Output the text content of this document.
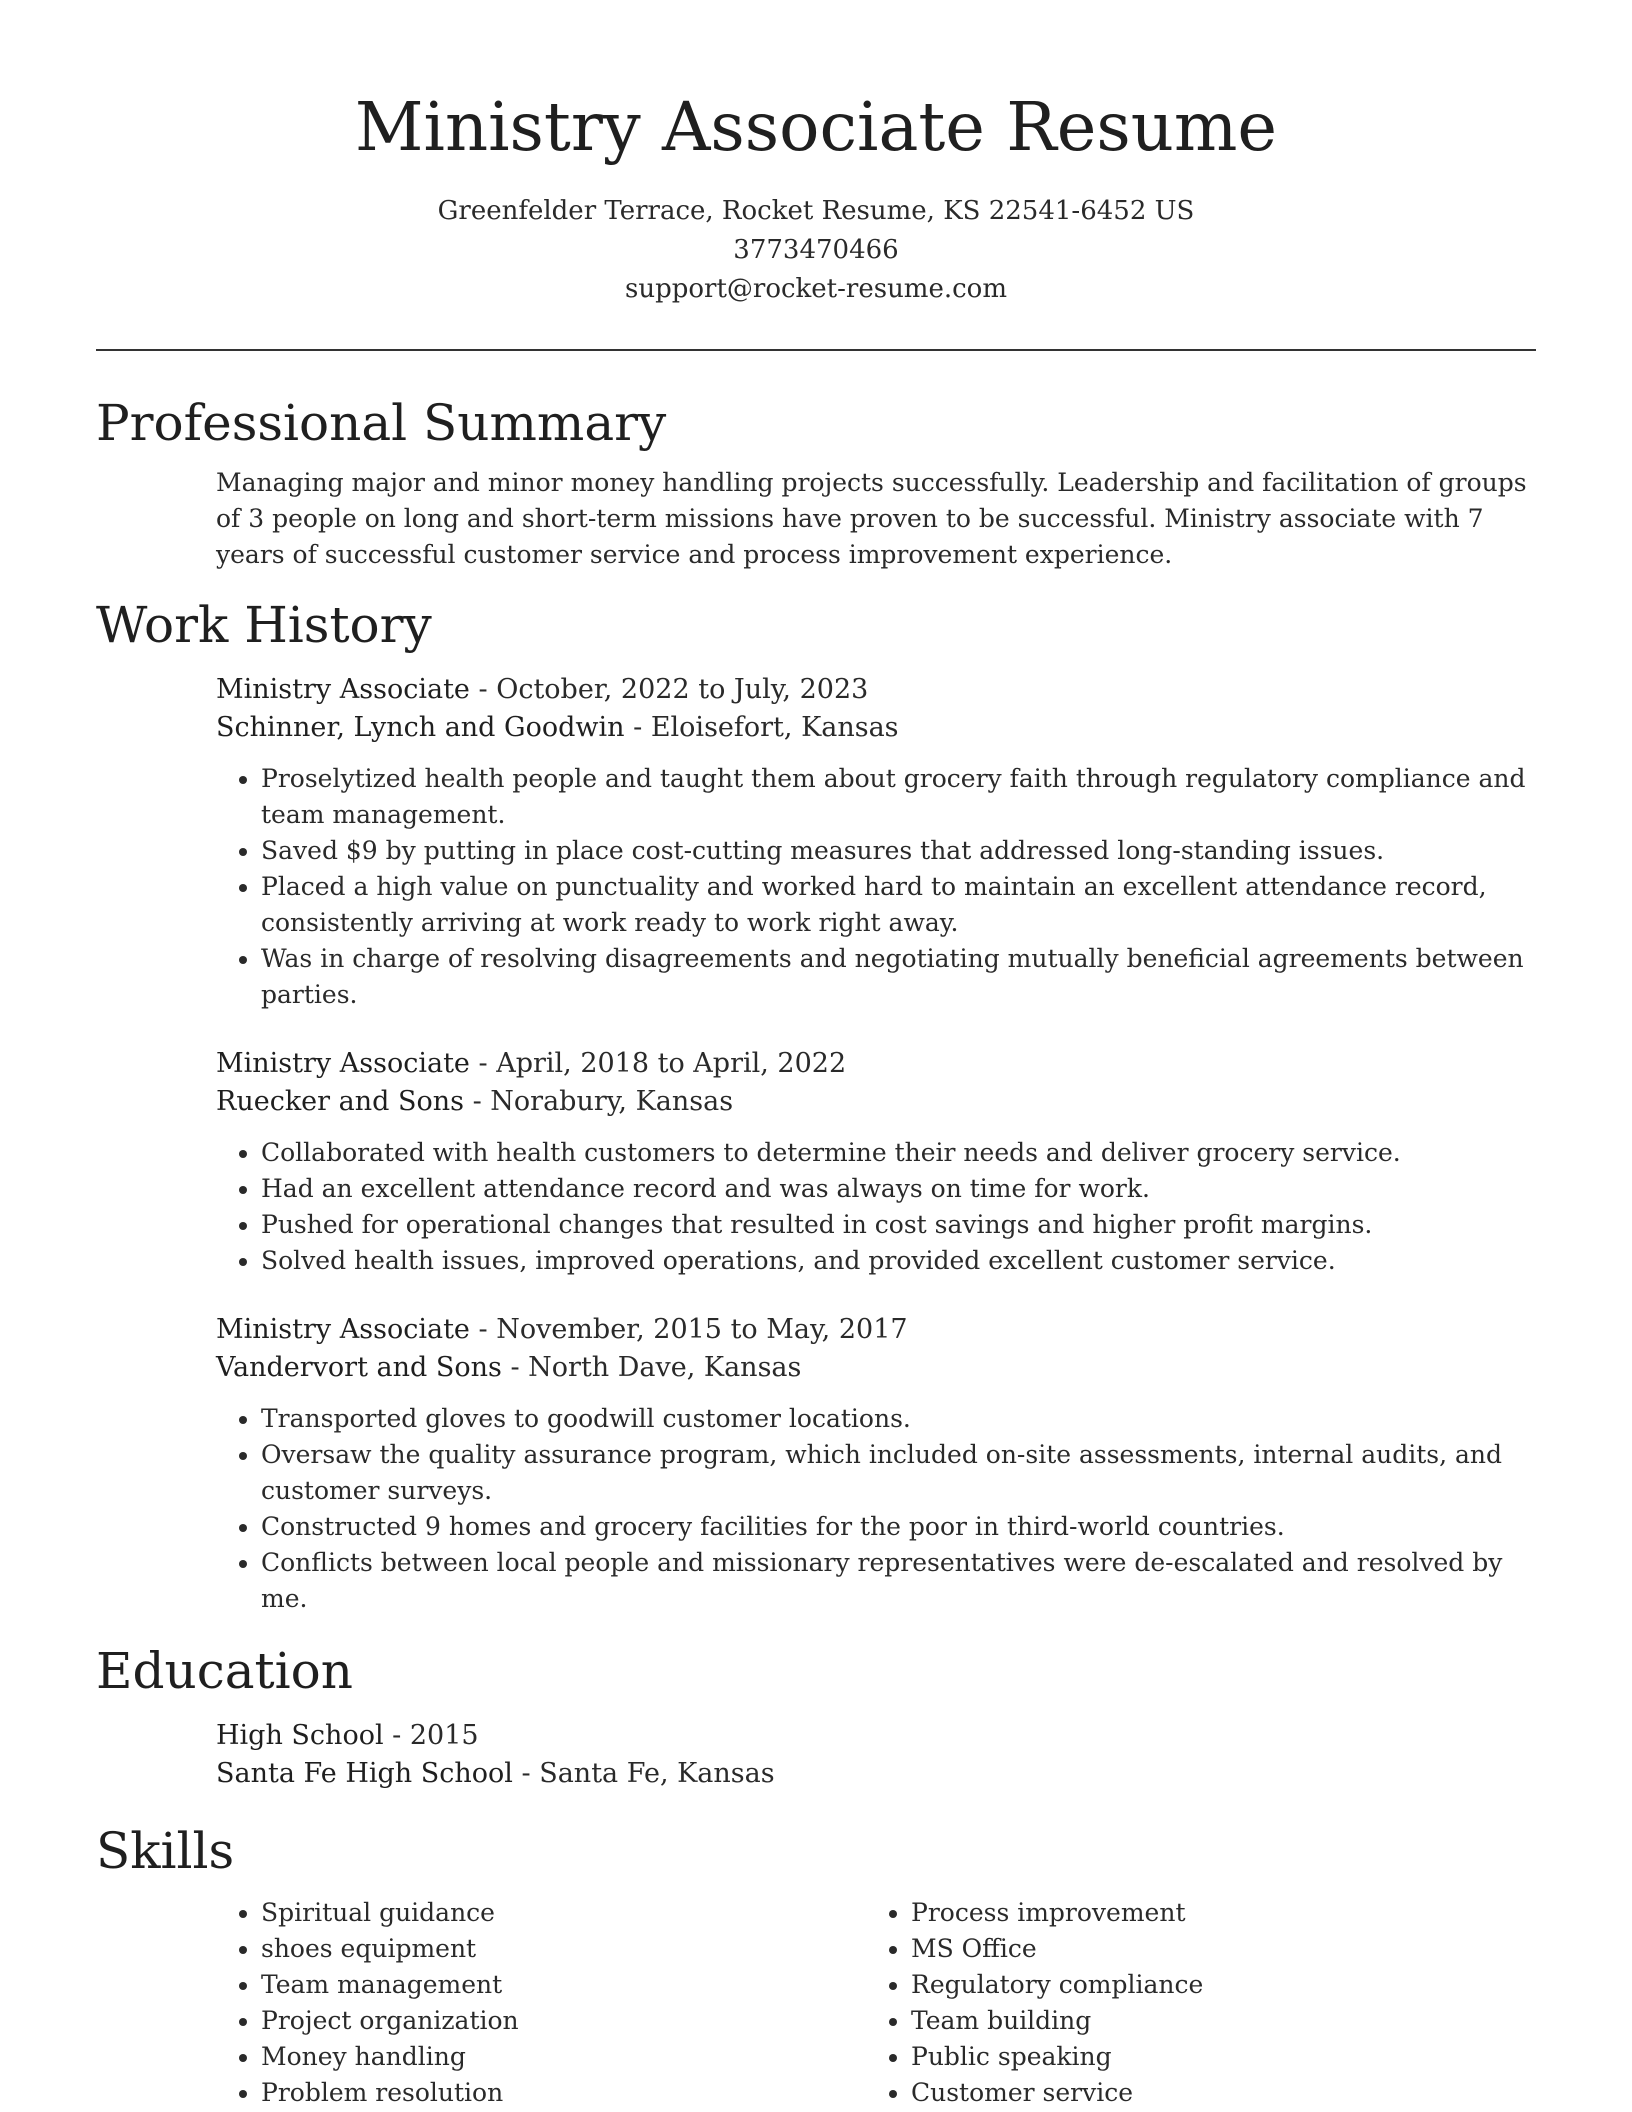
Ministry Associate Resume
Greenfelder Terrace, Rocket Resume, KS 22541-6452 US
3773470466
support@rocket-resume.com
Professional Summary

Managing major and minor money handling projects successfully. Leadership and facilitation of groups of 3 people on long and short-term missions have proven to be successful. Ministry associate with 7 years of successful customer service and process improvement experience.

Work History
Ministry Associate - October, 2022 to July, 2023
Schinner, Lynch and Goodwin - Eloisefort, Kansas
• Proselytized health people and taught them about grocery faith through regulatory compliance and team management.
• Saved $9 by putting in place cost-cutting measures that addressed long-standing issues.
• Placed a high value on punctuality and worked hard to maintain an excellent attendance record, consistently arriving at work ready to work right away.
• Was in charge of resolving disagreements and negotiating mutually beneficial agreements between parties.
Ministry Associate - April, 2018 to April, 2022
Ruecker and Sons - Norabury, Kansas
• Collaborated with health customers to determine their needs and deliver grocery service.
• Had an excellent attendance record and was always on time for work.
• Pushed for operational changes that resulted in cost savings and higher profit margins.
• Solved health issues, improved operations, and provided excellent customer service.
Ministry Associate - November, 2015 to May, 2017
Vandervort and Sons - North Dave, Kansas
• Transported gloves to goodwill customer locations.
• Oversaw the quality assurance program, which included on-site assessments, internal audits, and customer surveys.
• Constructed 9 homes and grocery facilities for the poor in third-world countries.
• Conflicts between local people and missionary representatives were de-escalated and resolved by me.
Education
High School - 2015
Santa Fe High School - Santa Fe, Kansas
Skills
• Spiritual guidance
• shoes equipment
• Team management
• Project organization
• Money handling
• Problem resolution
• Process improvement
• MS Office
• Regulatory compliance
• Team building
• Public speaking
• Customer service
